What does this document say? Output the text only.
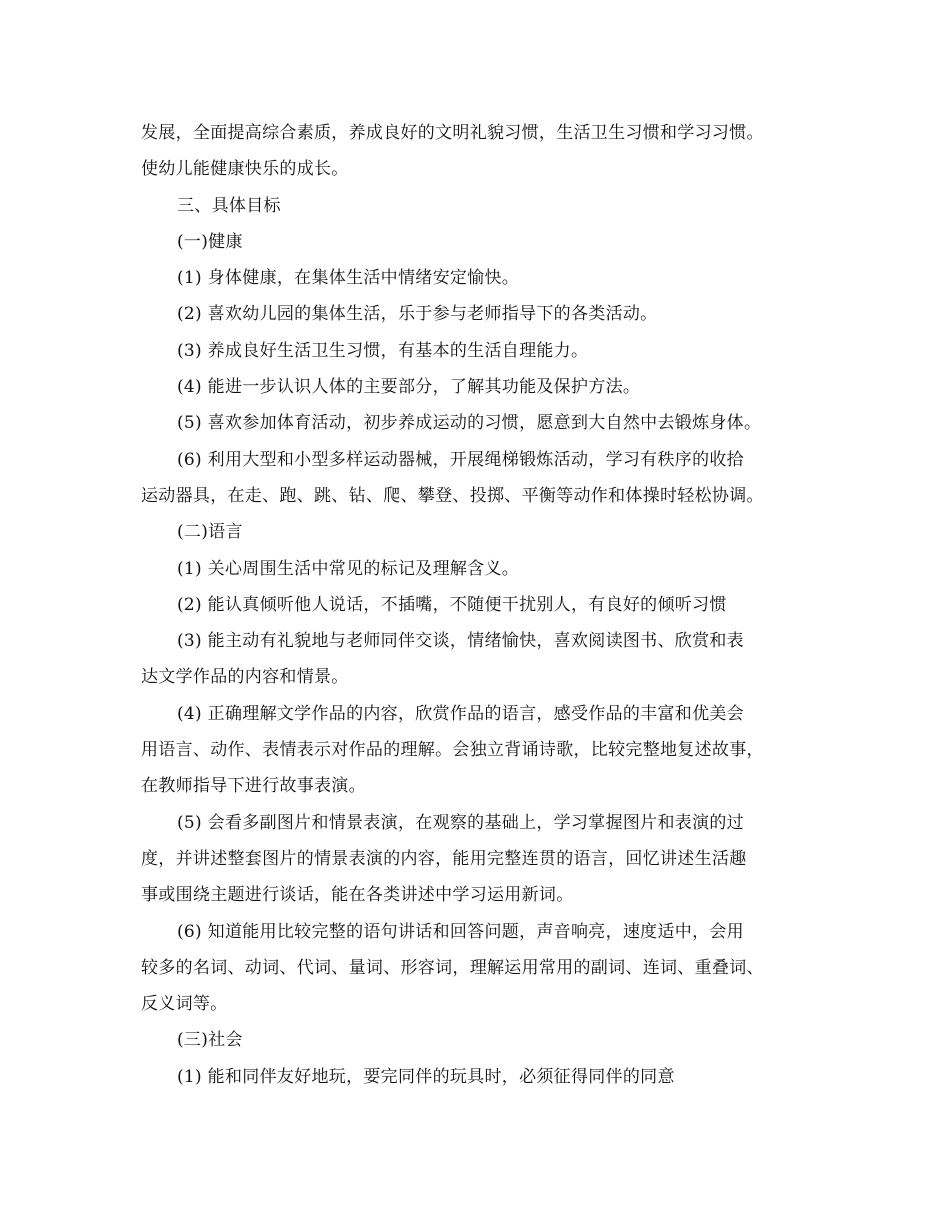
发展，全面提高综合素质，养成良好的文明礼貌习惯，生活卫生习惯和学习习惯。
使幼儿能健康快乐的成长。
三、具体目标
(一)健康
(1) 身体健康，在集体生活中情绪安定愉快。
(2) 喜欢幼儿园的集体生活，乐于参与老师指导下的各类活动。
(3) 养成良好生活卫生习惯，有基本的生活自理能力。
(4) 能进一步认识人体的主要部分，了解其功能及保护方法。
(5) 喜欢参加体育活动，初步养成运动的习惯，愿意到大自然中去锻炼身体。
(6) 利用大型和小型多样运动器械，开展绳梯锻炼活动，学习有秩序的收拾
运动器具，在走、跑、跳、钻、爬、攀登、投掷、平衡等动作和体操时轻松协调。
(二)语言
(1) 关心周围生活中常见的标记及理解含义。
(2) 能认真倾听他人说话，不插嘴，不随便干扰别人，有良好的倾听习惯
(3) 能主动有礼貌地与老师同伴交谈，情绪愉快，喜欢阅读图书、欣赏和表
达文学作品的内容和情景。
(4) 正确理解文学作品的内容，欣赏作品的语言，感受作品的丰富和优美会
用语言、动作、表情表示对作品的理解。会独立背诵诗歌，比较完整地复述故事，
在教师指导下进行故事表演。
(5) 会看多副图片和情景表演，在观察的基础上，学习掌握图片和表演的过
度，并讲述整套图片的情景表演的内容，能用完整连贯的语言，回忆讲述生活趣
事或围绕主题进行谈话，能在各类讲述中学习运用新词。
(6) 知道能用比较完整的语句讲话和回答问题，声音响亮，速度适中，会用
较多的名词、动词、代词、量词、形容词，理解运用常用的副词、连词、重叠词、
反义词等。
(三)社会
(1) 能和同伴友好地玩，要完同伴的玩具时，必须征得同伴的同意
